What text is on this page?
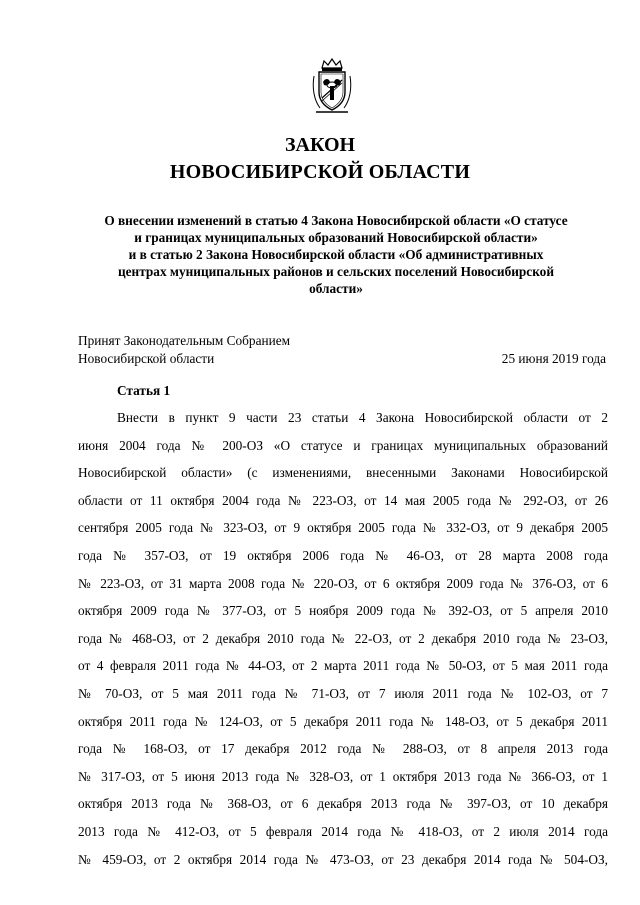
ЗАКОН
НОВОСИБИРСКОЙ ОБЛАСТИ
О внесении изменений в статью 4 Закона Новосибирской области «О статусе
и границах муниципальных образований Новосибирской области»
и в статью 2 Закона Новосибирской области «Об административных
центрах муниципальных районов и сельских поселений Новосибирской
области»
Принят Законодательным Собранием
Новосибирской области	25 июня 2019 года
Статья 1
Внести в пункт 9 части 23 статьи 4 Закона Новосибирской области от 2
июня 2004 года № 200-ОЗ «О статусе и границах муниципальных образований
Новосибирской области» (с изменениями, внесенными Законами Новосибирской
области от 11 октября 2004 года № 223-ОЗ, от 14 мая 2005 года № 292-ОЗ, от 26
сентября 2005 года № 323-ОЗ, от 9 октября 2005 года № 332-ОЗ, от 9 декабря 2005
года № 357-ОЗ, от 19 октября 2006 года № 46-ОЗ, от 28 марта 2008 года
№ 223-ОЗ, от 31 марта 2008 года № 220-ОЗ, от 6 октября 2009 года № 376-ОЗ, от 6
октября 2009 года № 377-ОЗ, от 5 ноября 2009 года № 392-ОЗ, от 5 апреля 2010
года № 468-ОЗ, от 2 декабря 2010 года № 22-ОЗ, от 2 декабря 2010 года № 23-ОЗ,
от 4 февраля 2011 года № 44-ОЗ, от 2 марта 2011 года № 50-ОЗ, от 5 мая 2011 года
№ 70-ОЗ, от 5 мая 2011 года № 71-ОЗ, от 7 июля 2011 года № 102-ОЗ, от 7
октября 2011 года № 124-ОЗ, от 5 декабря 2011 года № 148-ОЗ, от 5 декабря 2011
года № 168-ОЗ, от 17 декабря 2012 года № 288-ОЗ, от 8 апреля 2013 года
№ 317-ОЗ, от 5 июня 2013 года № 328-ОЗ, от 1 октября 2013 года № 366-ОЗ, от 1
октября 2013 года № 368-ОЗ, от 6 декабря 2013 года № 397-ОЗ, от 10 декабря
2013 года № 412-ОЗ, от 5 февраля 2014 года № 418-ОЗ, от 2 июля 2014 года
№ 459-ОЗ, от 2 октября 2014 года № 473-ОЗ, от 23 декабря 2014 года № 504-ОЗ,
